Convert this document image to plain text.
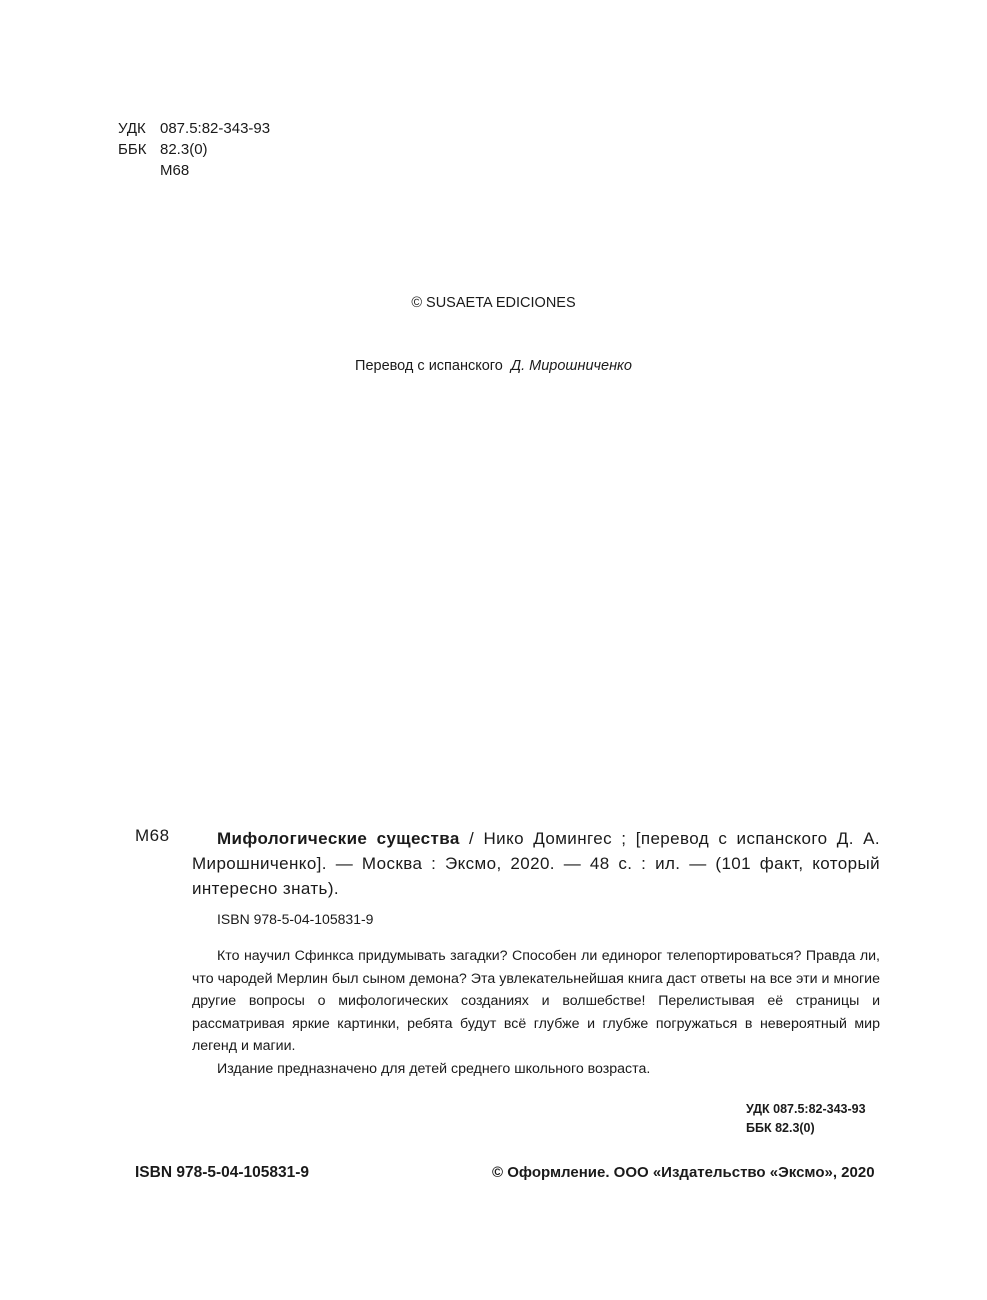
УДК 087.5:82-343-93
ББК 82.3(0)
М68
© SUSAETA EDICIONES
Перевод с испанского Д. Мирошниченко
М68	Мифологические существа / Нико Домингес ; [перевод с испанского Д. А. Мирошниченко]. — Москва : Эксмо, 2020. — 48 с. : ил. — (101 факт, который интересно знать).
ISBN 978-5-04-105831-9

Кто научил Сфинкса придумывать загадки? Способен ли единорог телепортироваться? Правда ли, что чародей Мерлин был сыном демона? Эта увлекательнейшая книга даст ответы на все эти и многие другие вопросы о мифологических созданиях и волшебстве! Перелистывая её страницы и рассматривая яркие картинки, ребята будут всё глубже и глубже погружаться в невероятный мир легенд и магии.

Издание предназначено для детей среднего школьного возраста.

УДК 087.5:82-343-93
ББК 82.3(0)
ISBN 978-5-04-105831-9	© Оформление. ООО «Издательство «Эксмо», 2020
